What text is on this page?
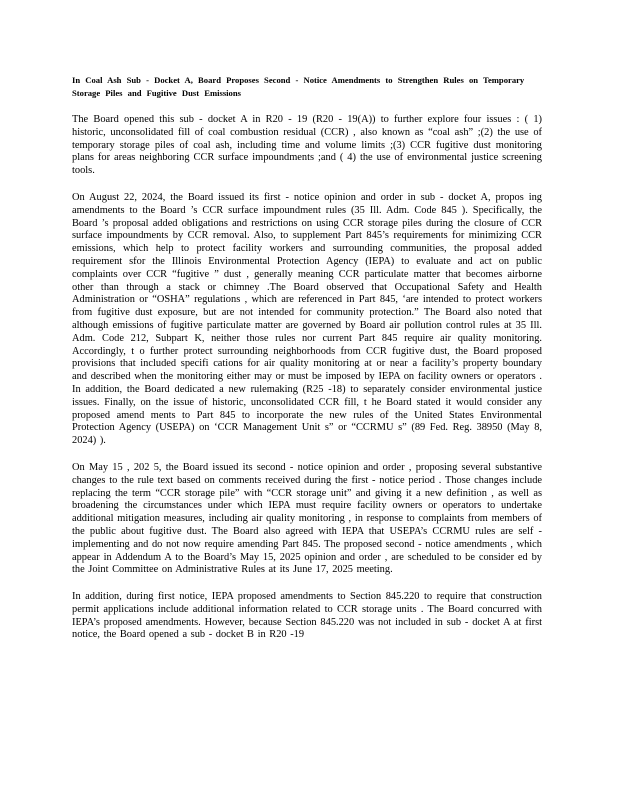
In Coal Ash Sub - Docket A, Board Proposes Second - Notice Amendments to Strengthen Rules on Temporary Storage Piles and Fugitive Dust Emissions

The Board opened this sub - docket A in R20 - 19 (R20 - 19(A)) to further explore four issues : ( 1) historic, unconsolidated fill of coal combustion residual (CCR) , also known as “coal ash” ;(2) the use of temporary storage piles of coal ash, including time and volume limits ;(3) CCR fugitive dust monitoring plans for areas neighboring CCR surface impoundments ;and ( 4) the use of environmental justice screening tools.

On August 22, 2024, the Board issued its first - notice opinion and order in sub - docket A, propos ing amendments to the Board ’s CCR surface impoundment rules (35 Ill. Adm. Code 845 ). Specifically, the Board ’s proposal added obligations and restrictions on using CCR storage piles during the closure of CCR surface impoundments by CCR removal. Also, to supplement Part 845’s requirements for minimizing CCR emissions, which help to protect facility workers and surrounding communities, the proposal added requirement sfor the Illinois Environmental Protection Agency (IEPA) to evaluate and act on public complaints over CCR “fugitive ” dust , generally meaning CCR particulate matter that becomes airborne other than through a stack or chimney .The Board observed that Occupational Safety and Health Administration or “OSHA” regulations , which are referenced in Part 845, ‘are intended to protect workers from fugitive dust exposure, but are not intended for community protection.” The Board also noted that although emissions of fugitive particulate matter are governed by Board air pollution control rules at 35 Ill. Adm. Code 212, Subpart K, neither those rules nor current Part 845 require air quality monitoring. Accordingly, t o further protect surrounding neighborhoods from CCR fugitive dust, the Board proposed provisions that included specifi cations for air quality monitoring at or near a facility’s property boundary and described when the monitoring either may or must be imposed by IEPA on facility owners or operators . In addition, the Board dedicated a new rulemaking (R25 -18) to separately consider environmental justice issues. Finally, on the issue of historic, unconsolidated CCR fill, t he Board stated it would consider any proposed amend ments to Part 845 to incorporate the new rules of the United States Environmental Protection Agency (USEPA) on ‘CCR Management Unit s” or “CCRMU s” (89 Fed. Reg. 38950 (May 8, 2024) ).

On May 15 , 202 5, the Board issued its second - notice opinion and order , proposing several substantive changes to the rule text based on comments received during the first - notice period . Those changes include replacing the term “CCR storage pile” with “CCR storage unit” and giving it a new definition , as well as broadening the circumstances under which IEPA must require facility owners or operators to undertake additional mitigation measures, including air quality monitoring , in response to complaints from members of the public about fugitive dust. The Board also agreed with IEPA that USEPA’s CCRMU rules are self - implementing and do not now require amending Part 845. The proposed second - notice amendments , which appear in Addendum A to the Board’s May 15, 2025 opinion and order , are scheduled to be consider ed by the Joint Committee on Administrative Rules at its June 17, 2025 meeting.

In addition, during first notice, IEPA proposed amendments to Section 845.220 to require that construction permit applications include additional information related to CCR storage units . The Board concurred with IEPA’s proposed amendments. However, because Section 845.220 was not included in sub - docket A at first notice, the Board opened a sub - docket B in R20 -19
